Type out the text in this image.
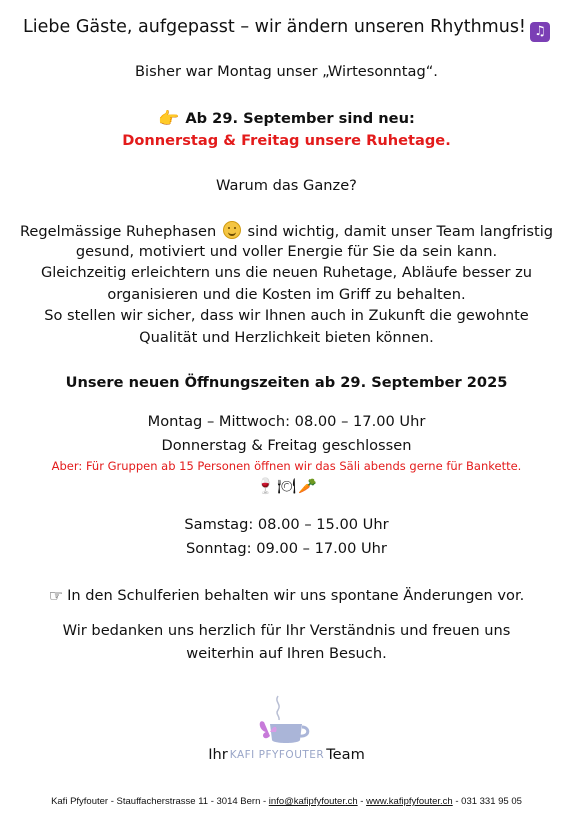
Liebe Gäste, aufgepasst – wir ändern unseren Rhythmus! ♫
Bisher war Montag unser „Wirtesonntag“.
👉 Ab 29. September sind neu:
Donnerstag & Freitag unsere Ruhetage.
Warum das Ganze?
Regelmässige Ruhephasen sind wichtig, damit unser Team langfristig
gesund, motiviert und voller Energie für Sie da sein kann.
Gleichzeitig erleichtern uns die neuen Ruhetage, Abläufe besser zu
organisieren und die Kosten im Griff zu behalten.
So stellen wir sicher, dass wir Ihnen auch in Zukunft die gewohnte
Qualität und Herzlichkeit bieten können.
Unsere neuen Öffnungszeiten ab 29. September 2025
Montag – Mittwoch: 08.00 – 17.00 Uhr
Donnerstag & Freitag geschlossen
Aber: Für Gruppen ab 15 Personen öffnen wir das Säli abends gerne für Bankette.
🍷 🍽 🥕
Samstag: 08.00 – 15.00 Uhr
Sonntag: 09.00 – 17.00 Uhr
☞ In den Schulferien behalten wir uns spontane Änderungen vor.
Wir bedanken uns herzlich für Ihr Verständnis und freuen uns
weiterhin auf Ihren Besuch.
Ihr KAFI PFYFOUTER Team
Kafi Pfyfouter - Stauffacherstrasse 11 - 3014 Bern - info@kafipfyfouter.ch - www.kafipfyfouter.ch - 031 331 95 05
